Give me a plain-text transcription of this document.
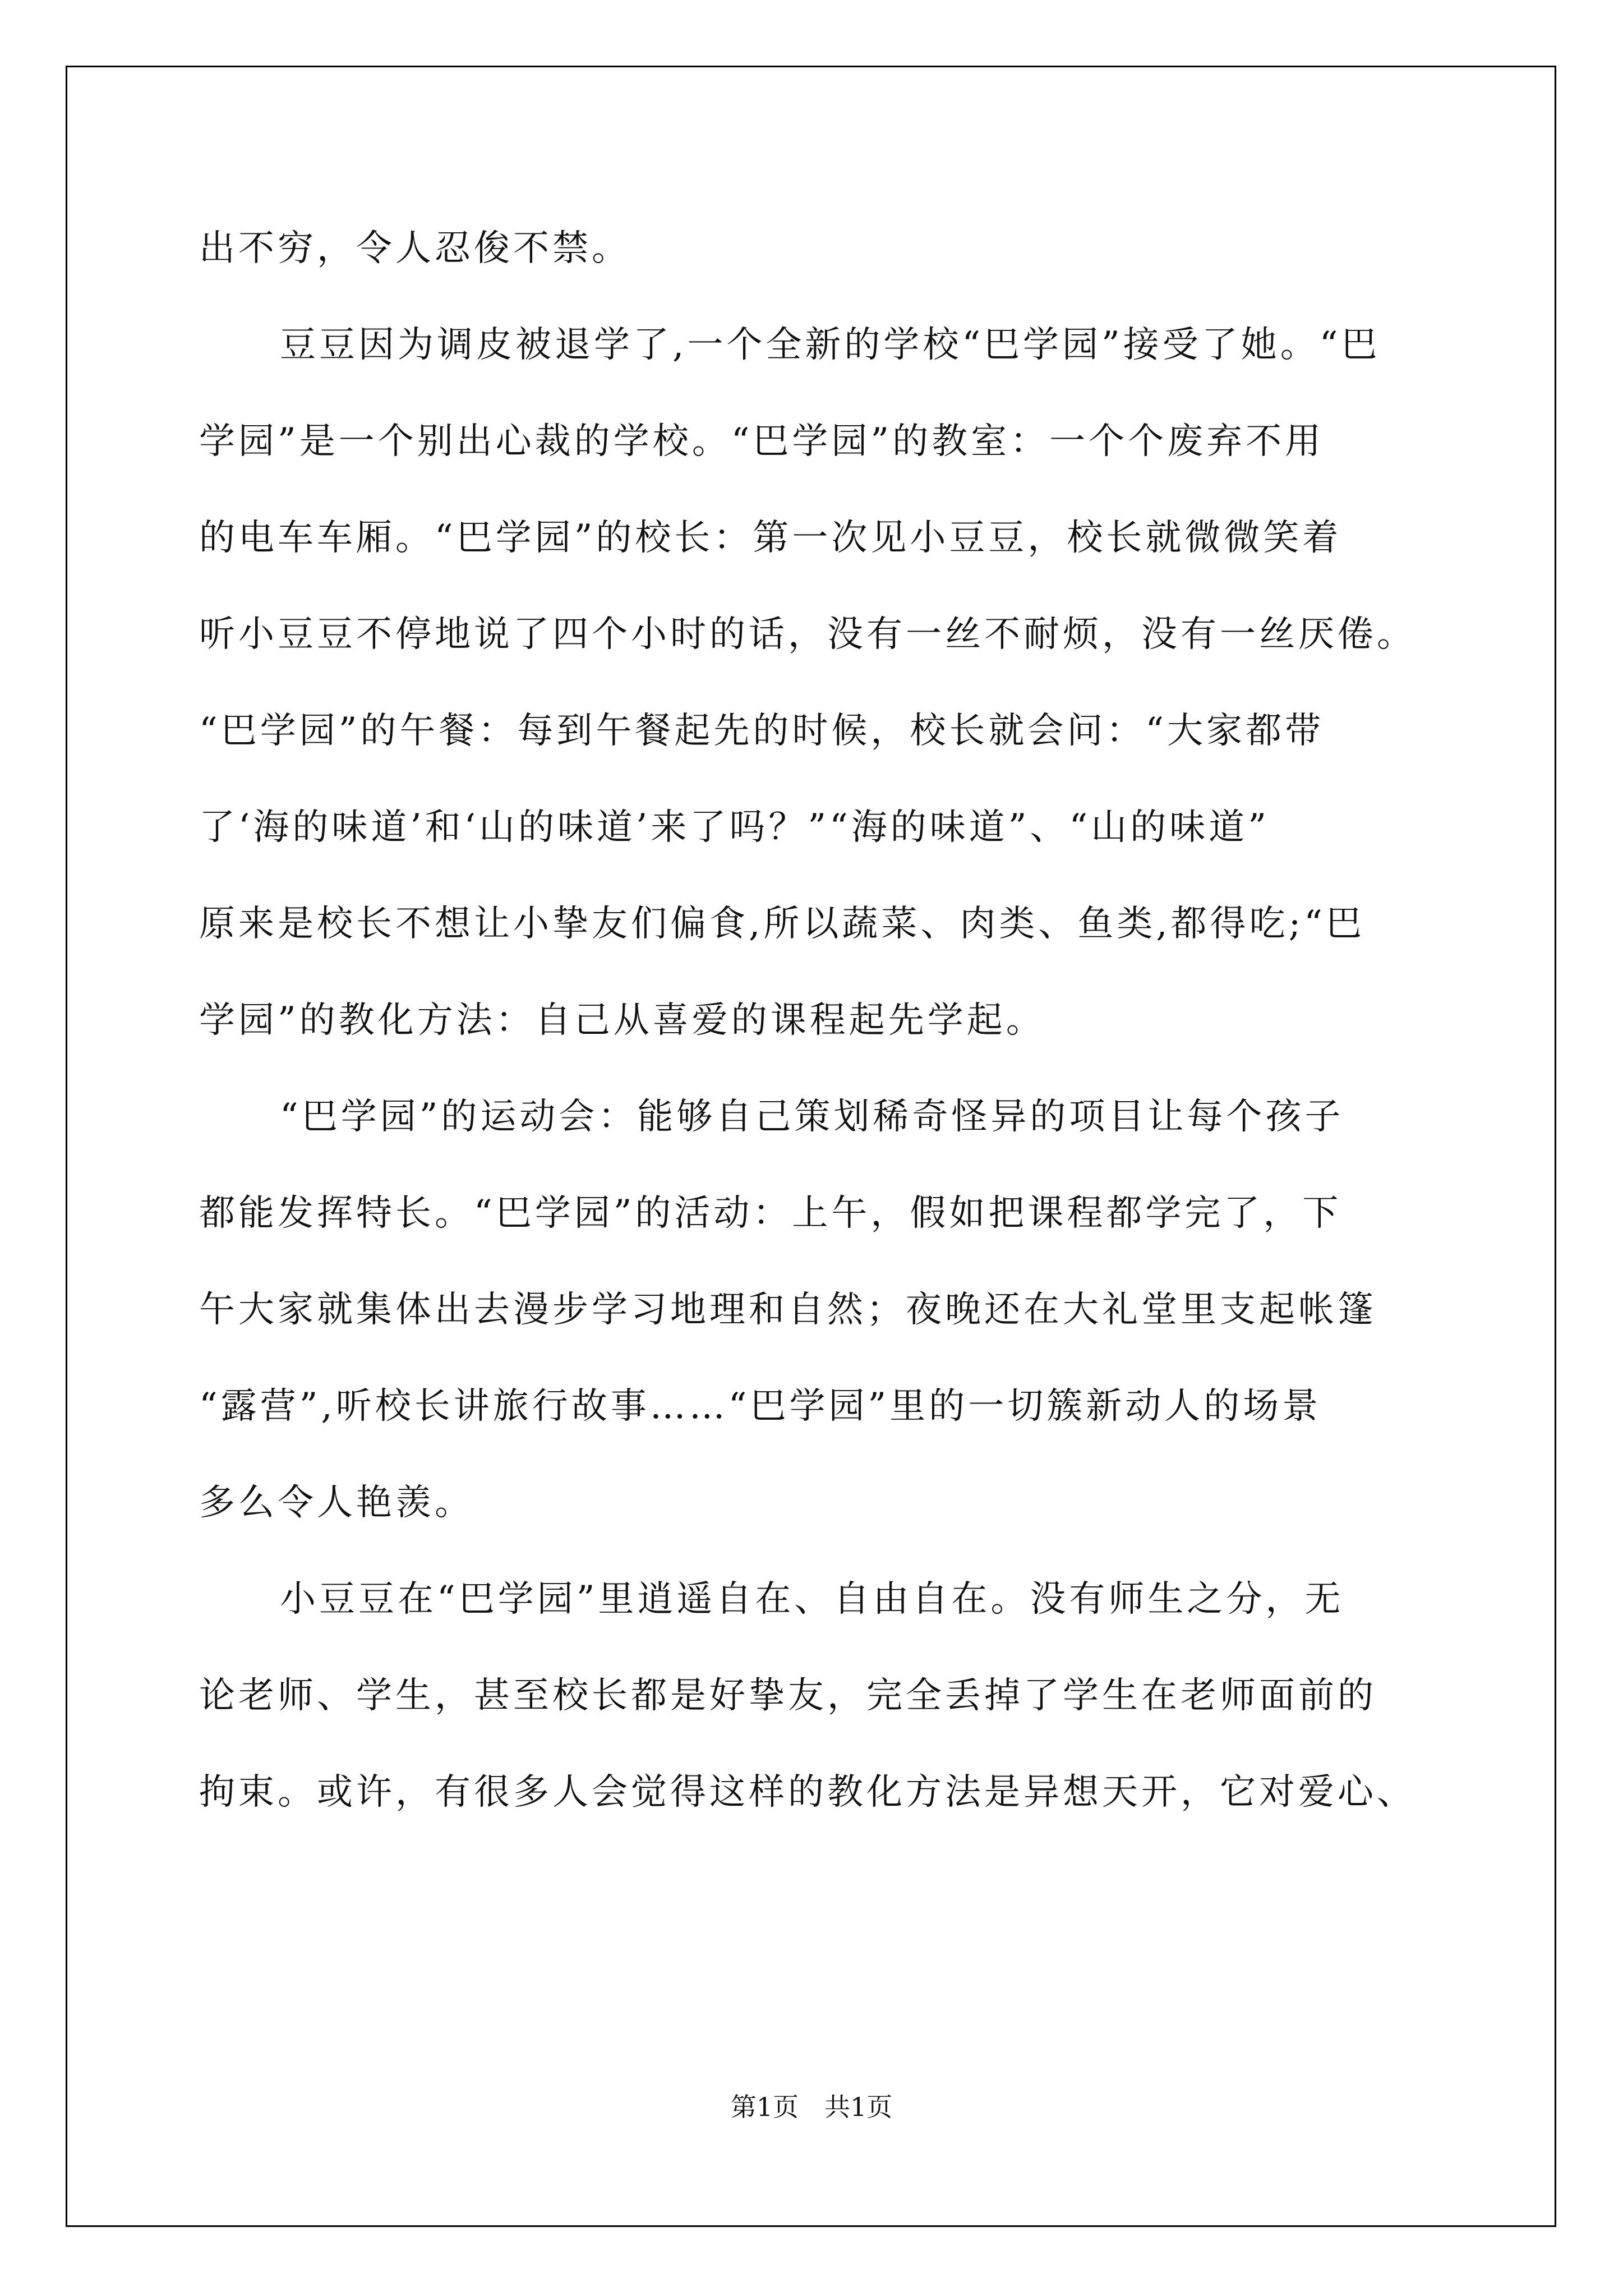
出不穷，令人忍俊不禁。
豆豆因为调皮被退学了,一个全新的学校“巴学园”接受了她。“巴
学园”是一个别出心裁的学校。“巴学园”的教室：一个个废弃不用
的电车车厢。“巴学园”的校长：第一次见小豆豆，校长就微微笑着
听小豆豆不停地说了四个小时的话，没有一丝不耐烦，没有一丝厌倦。
“巴学园”的午餐：每到午餐起先的时候，校长就会问：“大家都带
了‘海的味道’和‘山的味道’来了吗？”“海的味道”、“山的味道”
原来是校长不想让小挚友们偏食,所以蔬菜、肉类、鱼类,都得吃;“巴
学园”的教化方法：自己从喜爱的课程起先学起。
“巴学园”的运动会：能够自己策划稀奇怪异的项目让每个孩子
都能发挥特长。“巴学园”的活动：上午，假如把课程都学完了，下
午大家就集体出去漫步学习地理和自然；夜晚还在大礼堂里支起帐篷
“露营”,听校长讲旅行故事……“巴学园”里的一切簇新动人的场景
多么令人艳羡。
小豆豆在“巴学园”里逍遥自在、自由自在。没有师生之分，无
论老师、学生，甚至校长都是好挚友，完全丢掉了学生在老师面前的
拘束。或许，有很多人会觉得这样的教化方法是异想天开，它对爱心、
第1页　共1页
